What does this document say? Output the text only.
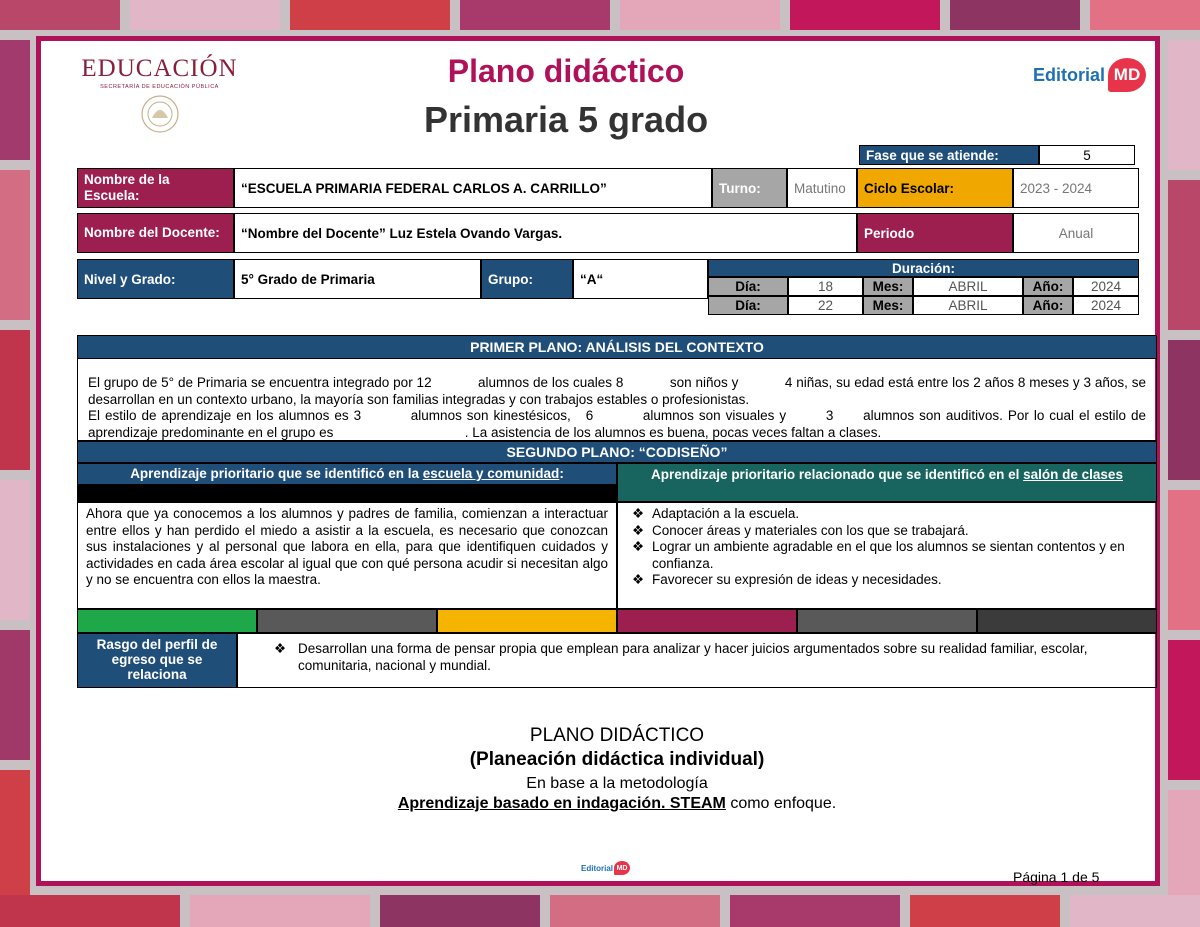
EDUCACIÓN
SECRETARÍA DE EDUCACIÓN PÚBLICA	Plano didáctico
Primaria 5 grado
Editorial MD
Fase que se atiende:	5
Nombre de la Escuela:	“ESCUELA PRIMARIA FEDERAL CARLOS A. CARRILLO”	Turno:	Matutino	Ciclo Escolar:	2023 - 2024
Nombre del Docente:	“Nombre del Docente” Luz Estela Ovando Vargas.	Periodo	Anual
Nivel y Grado:	5° Grado de Primaria	Grupo:	“A“
Duración:
Día:	18	Mes:	ABRIL	Año:	2024
Día:	22	Mes:	ABRIL	Año:	2024
PRIMER PLANO: ANÁLISIS DEL CONTEXTO
El grupo de 5° de Primaria se encuentra integrado por 12            alumnos de los cuales 8            son niños y            4 niñas, su edad está entre los 2 años 8 meses y 3 años, se desarrollan en un contexto urbano, la mayoría son familias integradas y con trabajos estables o profesionistas.
El estilo de aprendizaje en los alumnos es 3          alumnos son kinestésicos,   6          alumnos son visuales y        3      alumnos son auditivos. Por lo cual el estilo de aprendizaje predominante en el grupo es                                   . La asistencia de los alumnos es buena, pocas veces faltan a clases.
SEGUNDO PLANO: “CODISEÑO”
Aprendizaje prioritario que se identificó en la escuela y comunidad:	Aprendizaje prioritario relacionado que se identificó en el salón de clases
Ahora que ya conocemos a los alumnos y padres de familia, comienzan a interactuar entre ellos y han perdido el miedo a asistir a la escuela, es necesario que conozcan sus instalaciones y al personal que labora en ella, para que identifiquen cuidados y actividades en cada área escolar al igual que con qué persona acudir si necesitan algo y no se encuentra con ellos la maestra.
❖ Adaptación a la escuela.
❖ Conocer áreas y materiales con los que se trabajará.
❖ Lograr un ambiente agradable en el que los alumnos se sientan contentos y en confianza.
❖ Favorecer su expresión de ideas y necesidades.
Rasgo del perfil de egreso que se relaciona
❖ Desarrollan una forma de pensar propia que emplean para analizar y hacer juicios argumentados sobre su realidad familiar, escolar, comunitaria, nacional y mundial.
PLANO DIDÁCTICO
(Planeación didáctica individual)
En base a la metodología
Aprendizaje basado en indagación. STEAM como enfoque.
Editorial MD
Página 1 de 5
